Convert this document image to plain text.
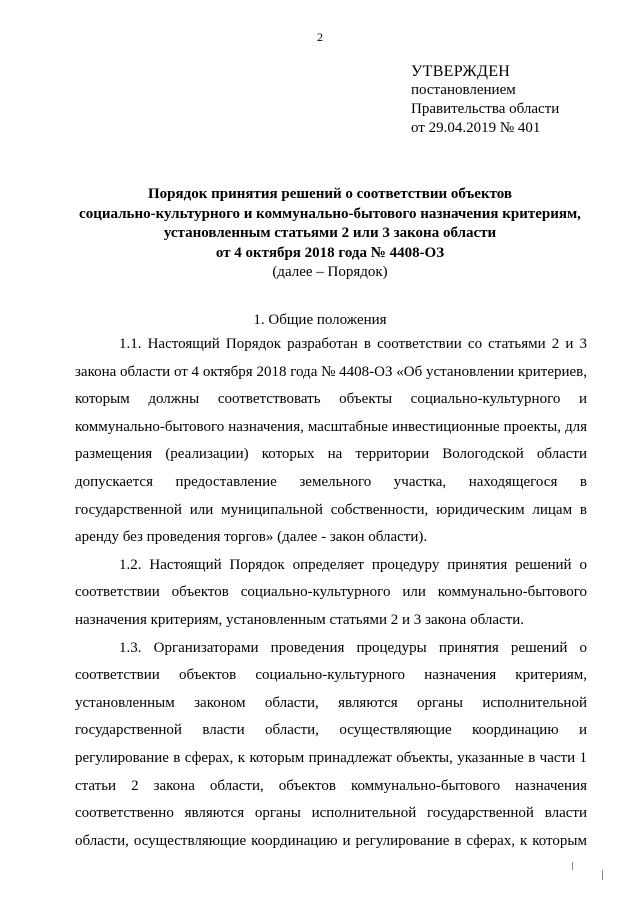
2
УТВЕРЖДЕН
постановлением
Правительства области
от 29.04.2019 № 401
Порядок принятия решений о соответствии объектов
социально-культурного и коммунально-бытового назначения критериям,
установленным статьями 2 или 3 закона области
от 4 октября 2018 года № 4408-ОЗ
(далее – Порядок)
1. Общие положения

1.1. Настоящий Порядок разработан в соответствии со статьями 2 и 3 закона области от 4 октября 2018 года № 4408-ОЗ «Об установлении критериев, которым должны соответствовать объекты социально-культурного и коммунально-бытового назначения, масштабные инвестиционные проекты, для размещения (реализации) которых на территории Вологодской области допускается предоставление земельного участка, находящегося в государственной или муниципальной собственности, юридическим лицам в аренду без проведения торгов» (далее - закон области).

1.2. Настоящий Порядок определяет процедуру принятия решений о соответствии объектов социально-культурного или коммунально-бытового назначения критериям, установленным статьями 2 и 3 закона области.

1.3. Организаторами проведения процедуры принятия решений о соответствии объектов социально-культурного назначения критериям, установленным законом области, являются органы исполнительной государственной власти области, осуществляющие координацию и регулирование в сферах, к которым принадлежат объекты, указанные в части 1 статьи 2 закона области, объектов коммунально-бытового назначения соответственно являются органы исполнительной государственной власти области, осуществляющие координацию и регулирование в сферах, к которым
